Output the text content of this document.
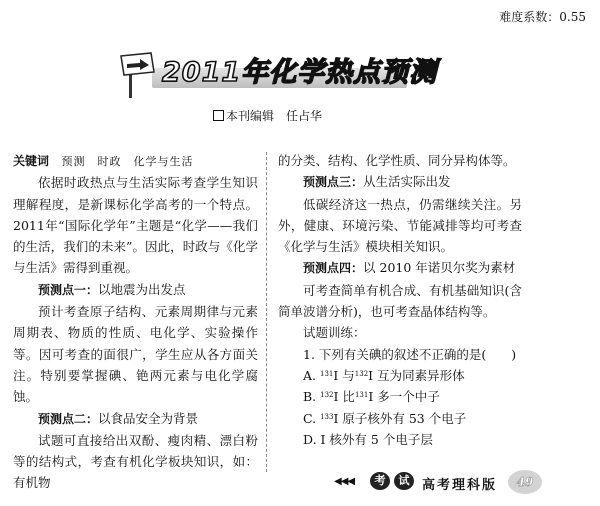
难度系数：0.55
2011年化学热点预测
本刊编辑　任占华

关键词　 预测　时政　化学与生活

依据时政热点与生活实际考查学生知识理解程度，是新课标化学高考的一个特点。2011年“国际化学年”主题是“化学——我们的生活，我们的未来”。因此，时政与《化学与生活》需得到重视。

预测点一：以地震为出发点

预计考查原子结构、元素周期律与元素周期表、物质的性质、电化学、实验操作等。因可考查的面很广，学生应从各方面关注。特别要掌握碘、铯两元素与电化学腐蚀。

预测点二：以食品安全为背景

试题可直接给出双酚、瘦肉精、漂白粉等的结构式，考查有机化学板块知识，如：有机物

的分类、结构、化学性质、同分异构体等。

预测点三：从生活实际出发

低碳经济这一热点，仍需继续关注。另外，健康、环境污染、节能减排等均可考查《化学与生活》模块相关知识。

预测点四：以 2010 年诺贝尔奖为素材

可考查简单有机合成、有机基础知识(含简单波谱分析)，也可考查晶体结构等。

试题训练：

1. 下列有关碘的叙述不正确的是(　　)

A. $^{131}$I 与$^{132}$I 互为同素异形体

B. $^{132}$I 比$^{131}$I 多一个中子

C. $^{133}$I 原子核外有 53 个电子

D. I 核外有 5 个电子层

◀◀◀	考	试 高考理科版	49
